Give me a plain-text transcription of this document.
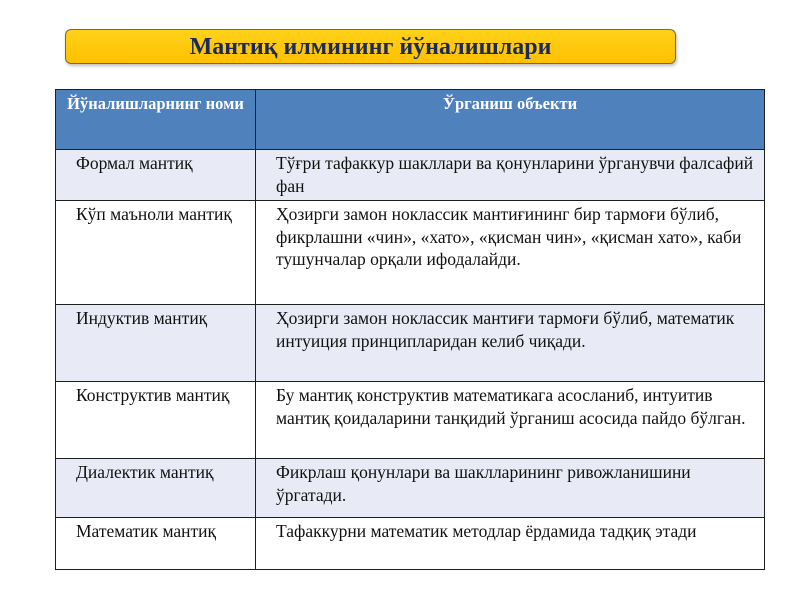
Мантиқ илмининг йўналишлари
Йўналишларнинг номи	Ўрганиш объекти
Формал мантиқ	Тўғри тафаккур шакллари ва қонунларини ўрганувчи фалсафий фан
Кўп маъноли мантиқ	Ҳозирги замон ноклассик мантиғининг бир тармоғи бўлиб, фикрлашни «чин», «хато», «қисман чин», «қисман хато», каби тушунчалар орқали ифодалайди.
Индуктив мантиқ	Ҳозирги замон ноклассик мантиғи тармоғи бўлиб, математик интуиция принципларидан келиб чиқади.
Конструктив мантиқ	Бу мантиқ конструктив математикага асосланиб, интуитив мантиқ қоидаларини танқидий ўрганиш асосида пайдо бўлган.
Диалектик мантиқ	Фикрлаш қонунлари ва шаклларининг ривожланишини ўргатади.
Математик мантиқ	Тафаккурни математик методлар ёрдамида тадқиқ этади
